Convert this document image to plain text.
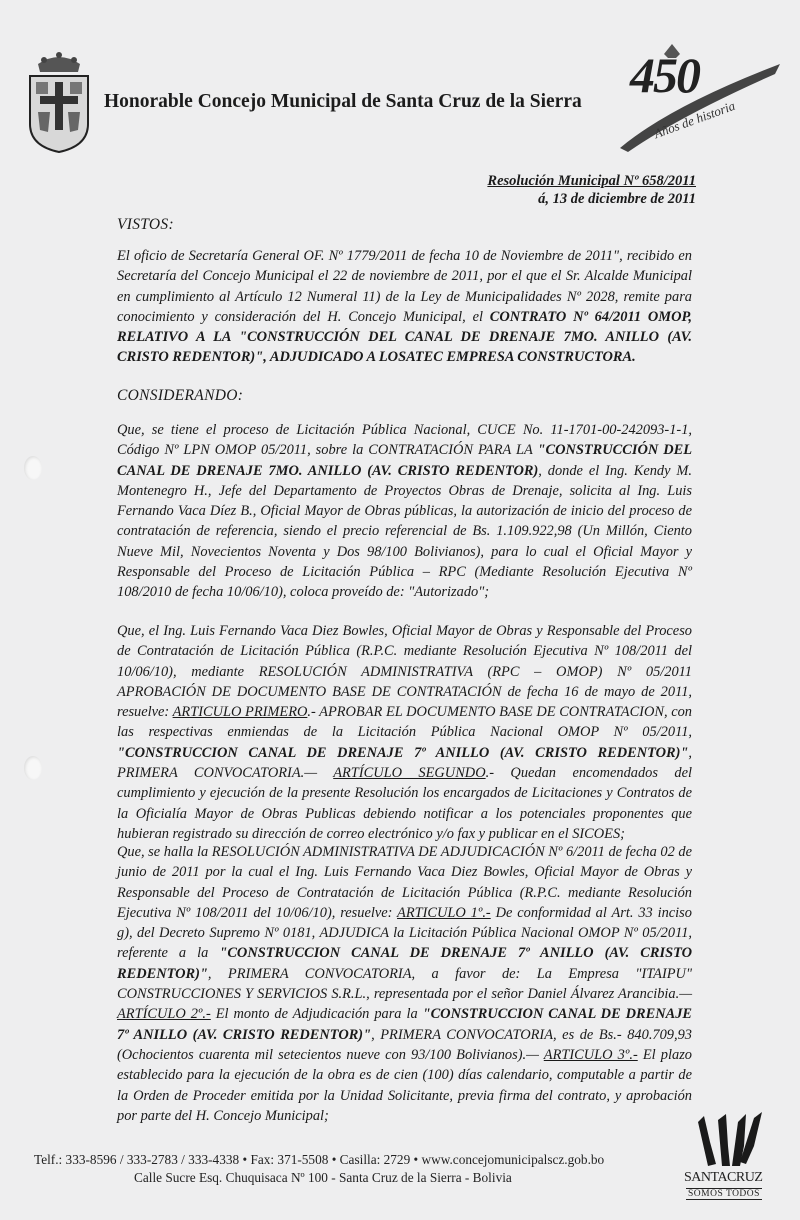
Honorable Concejo Municipal de Santa Cruz de la Sierra 450
Años de historia
Resolución Municipal Nº 658/2011
á, 13 de diciembre de 2011
VISTOS:
El oficio de Secretaría General OF. Nº 1779/2011 de fecha 10 de Noviembre de 2011", recibido en Secretaría del Concejo Municipal el 22 de noviembre de 2011, por el que el Sr. Alcalde Municipal en cumplimiento al Artículo 12 Numeral 11) de la Ley de Municipalidades Nº 2028, remite para conocimiento y consideración del H. Concejo Municipal, el CONTRATO Nº 64/2011 OMOP, RELATIVO A LA "CONSTRUCCIÓN DEL CANAL DE DRENAJE 7MO. ANILLO (AV. CRISTO REDENTOR)", ADJUDICADO A LOSATEC EMPRESA CONSTRUCTORA.
CONSIDERANDO:
Que, se tiene el proceso de Licitación Pública Nacional, CUCE No. 11-1701-00-242093-1-1, Código Nº LPN OMOP 05/2011, sobre la CONTRATACIÓN PARA LA "CONSTRUCCIÓN DEL CANAL DE DRENAJE 7MO. ANILLO (AV. CRISTO REDENTOR), donde el Ing. Kendy M. Montenegro H., Jefe del Departamento de Proyectos Obras de Drenaje, solicita al Ing. Luis Fernando Vaca Díez B., Oficial Mayor de Obras públicas, la autorización de inicio del proceso de contratación de referencia, siendo el precio referencial de Bs. 1.109.922,98 (Un Millón, Ciento Nueve Mil, Novecientos Noventa y Dos 98/100 Bolivianos), para lo cual el Oficial Mayor y Responsable del Proceso de Licitación Pública – RPC (Mediante Resolución Ejecutiva Nº 108/2010 de fecha 10/06/10), coloca proveído de: "Autorizado";
Que, el Ing. Luis Fernando Vaca Diez Bowles, Oficial Mayor de Obras y Responsable del Proceso de Contratación de Licitación Pública (R.P.C. mediante Resolución Ejecutiva Nº 108/2011 del 10/06/10), mediante RESOLUCIÓN ADMINISTRATIVA (RPC – OMOP) Nº 05/2011 APROBACIÓN DE DOCUMENTO BASE DE CONTRATACIÓN de fecha 16 de mayo de 2011, resuelve: ARTICULO PRIMERO.- APROBAR EL DOCUMENTO BASE DE CONTRATACION, con las respectivas enmiendas de la Licitación Pública Nacional OMOP Nº 05/2011, "CONSTRUCCION CANAL DE DRENAJE 7º ANILLO (AV. CRISTO REDENTOR)", PRIMERA CONVOCATORIA.— ARTÍCULO SEGUNDO.- Quedan encomendados del cumplimiento y ejecución de la presente Resolución los encargados de Licitaciones y Contratos de la Oficialía Mayor de Obras Publicas debiendo notificar a los potenciales proponentes que hubieran registrado su dirección de correo electrónico y/o fax y publicar en el SICOES;
Que, se halla la RESOLUCIÓN ADMINISTRATIVA DE ADJUDICACIÓN Nº 6/2011 de fecha 02 de junio de 2011 por la cual el Ing. Luis Fernando Vaca Diez Bowles, Oficial Mayor de Obras y Responsable del Proceso de Contratación de Licitación Pública (R.P.C. mediante Resolución Ejecutiva Nº 108/2011 del 10/06/10), resuelve: ARTICULO 1º.- De conformidad al Art. 33 inciso g), del Decreto Supremo Nº 0181, ADJUDICA la Licitación Pública Nacional OMOP Nº 05/2011, referente a la "CONSTRUCCION CANAL DE DRENAJE 7º ANILLO (AV. CRISTO REDENTOR)", PRIMERA CONVOCATORIA, a favor de: La Empresa "ITAIPU" CONSTRUCCIONES Y SERVICIOS S.R.L., representada por el señor Daniel Álvarez Arancibia.— ARTÍCULO 2º.- El monto de Adjudicación para la "CONSTRUCCION CANAL DE DRENAJE 7º ANILLO (AV. CRISTO REDENTOR)", PRIMERA CONVOCATORIA, es de Bs.- 840.709,93 (Ochocientos cuarenta mil setecientos nueve con 93/100 Bolivianos).— ARTICULO 3º.- El plazo establecido para la ejecución de la obra es de cien (100) días calendario, computable a partir de la Orden de Proceder emitida por la Unidad Solicitante, previa firma del contrato, y aprobación por parte del H. Concejo Municipal;
Telf.: 333-8596 / 333-2783 / 333-4338 • Fax: 371-5508 • Casilla: 2729 • www.concejomunicipalscz.gob.bo
Calle Sucre Esq. Chuquisaca Nº 100 - Santa Cruz de la Sierra - Bolivia	SANTACRUZ
SOMOS TODOS
